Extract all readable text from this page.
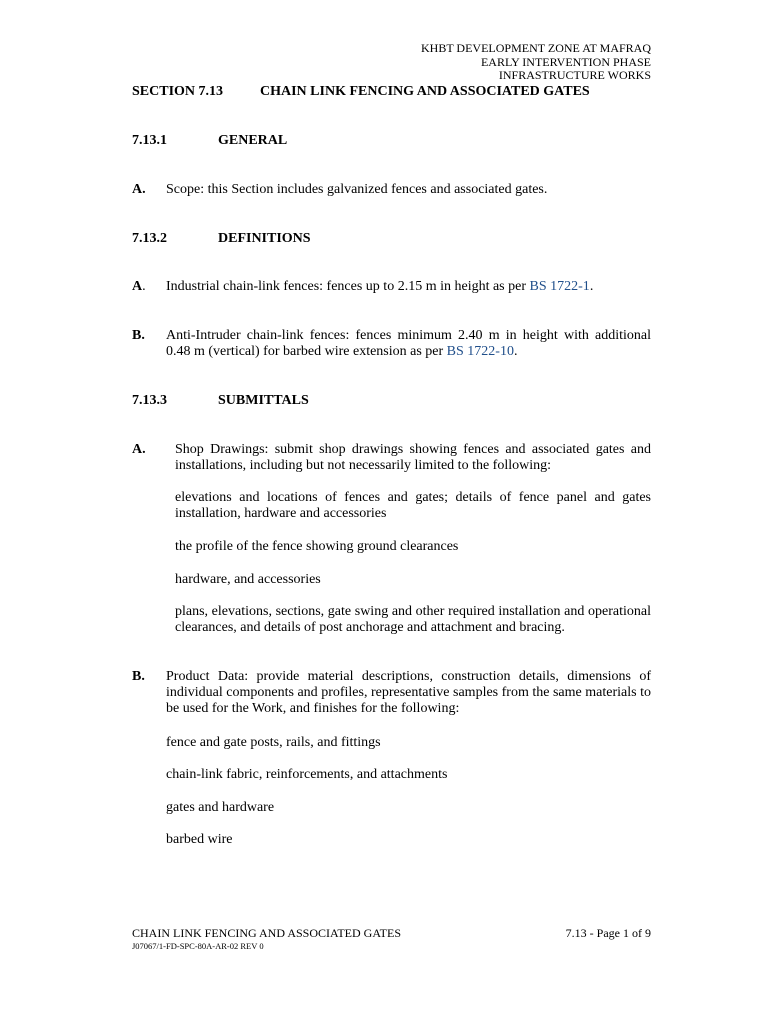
KHBT DEVELOPMENT ZONE AT MAFRAQ
EARLY INTERVENTION PHASE
INFRASTRUCTURE WORKS
SECTION 7.13	CHAIN LINK FENCING AND ASSOCIATED GATES
7.13.1	GENERAL
A. Scope: this Section includes galvanized fences and associated gates.
7.13.2	DEFINITIONS
A. Industrial chain-link fences: fences up to 2.15 m in height as per BS 1722-1.
B. Anti-Intruder chain-link fences: fences minimum 2.40 m in height with additional 0.48 m (vertical) for barbed wire extension as per BS 1722-10.
7.13.3	SUBMITTALS
A. Shop Drawings: submit shop drawings showing fences and associated gates and installations, including but not necessarily limited to the following:
elevations and locations of fences and gates; details of fence panel and gates installation, hardware and accessories
the profile of the fence showing ground clearances
hardware, and accessories
plans, elevations, sections, gate swing and other required installation and operational clearances, and details of post anchorage and attachment and bracing.
B. Product Data: provide material descriptions, construction details, dimensions of individual components and profiles, representative samples from the same materials to be used for the Work, and finishes for the following:
fence and gate posts, rails, and fittings
chain-link fabric, reinforcements, and attachments
gates and hardware
barbed wire
CHAIN LINK FENCING AND ASSOCIATED GATES
J07067/1-FD-SPC-80A-AR-02 REV 0
7.13 - Page 1 of 9
